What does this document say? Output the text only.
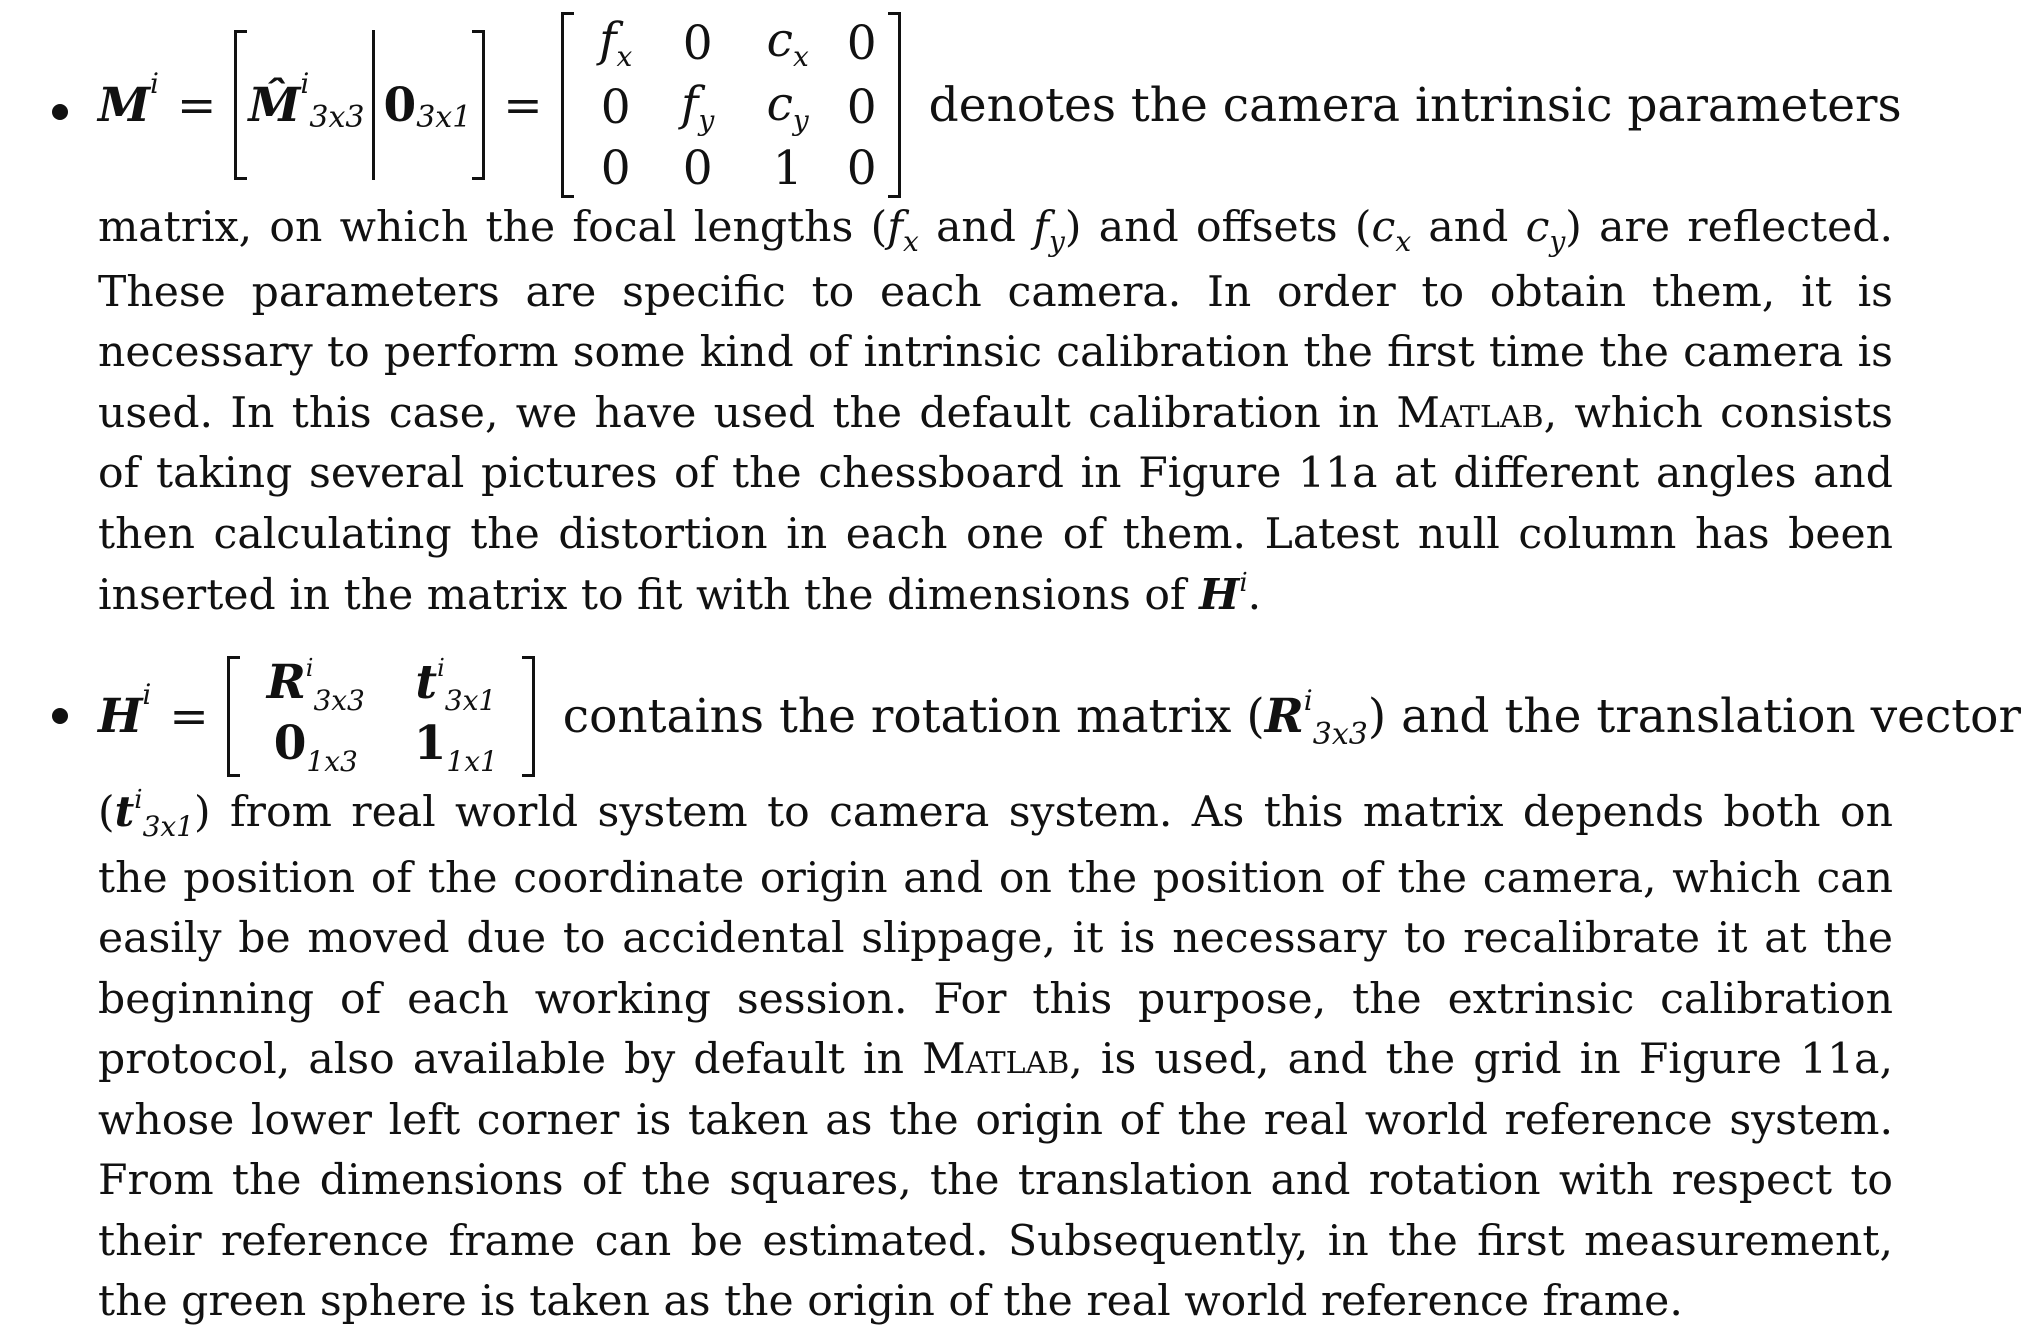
M i = M̂ i
3x3 0 3x1 =
$f_x$ 0 $c_x$ 0
0 $f_y$ $c_y$ 0
0 0 1 0
denotes the camera intrinsic parameters
matrix, on which the focal lengths ($f_x$ and $f_y$) and offsets ($c_x$ and $c_y$) are reflected. These parameters are specific to each camera. In order to obtain them, it is necessary to perform some kind of intrinsic calibration the first time the camera is used. In this case, we have used the default calibration in Matlab, which consists of taking several pictures of the chessboard in Figure 11a at different angles and then calculating the distortion in each one of them. Latest null column has been inserted in the matrix to fit with the dimensions of $H^i$.
H i =
$R^i_{3x3}$ $t^i_{3x1}$
$0_{1x3}$ $1_{1x1}$
contains the rotation matrix $(R^i_{3x3})$ and the translation vector
$(t^i_{3x1})$ from real world system to camera system. As this matrix depends both on the position of the coordinate origin and on the position of the camera, which can easily be moved due to accidental slippage, it is necessary to recalibrate it at the beginning of each working session. For this purpose, the extrinsic calibration protocol, also available by default in Matlab, is used, and the grid in Figure 11a, whose lower left corner is taken as the origin of the real world reference system. From the dimensions of the squares, the translation and rotation with respect to their reference frame can be estimated. Subsequently, in the first measurement, the green sphere is taken as the origin of the real world reference frame.
